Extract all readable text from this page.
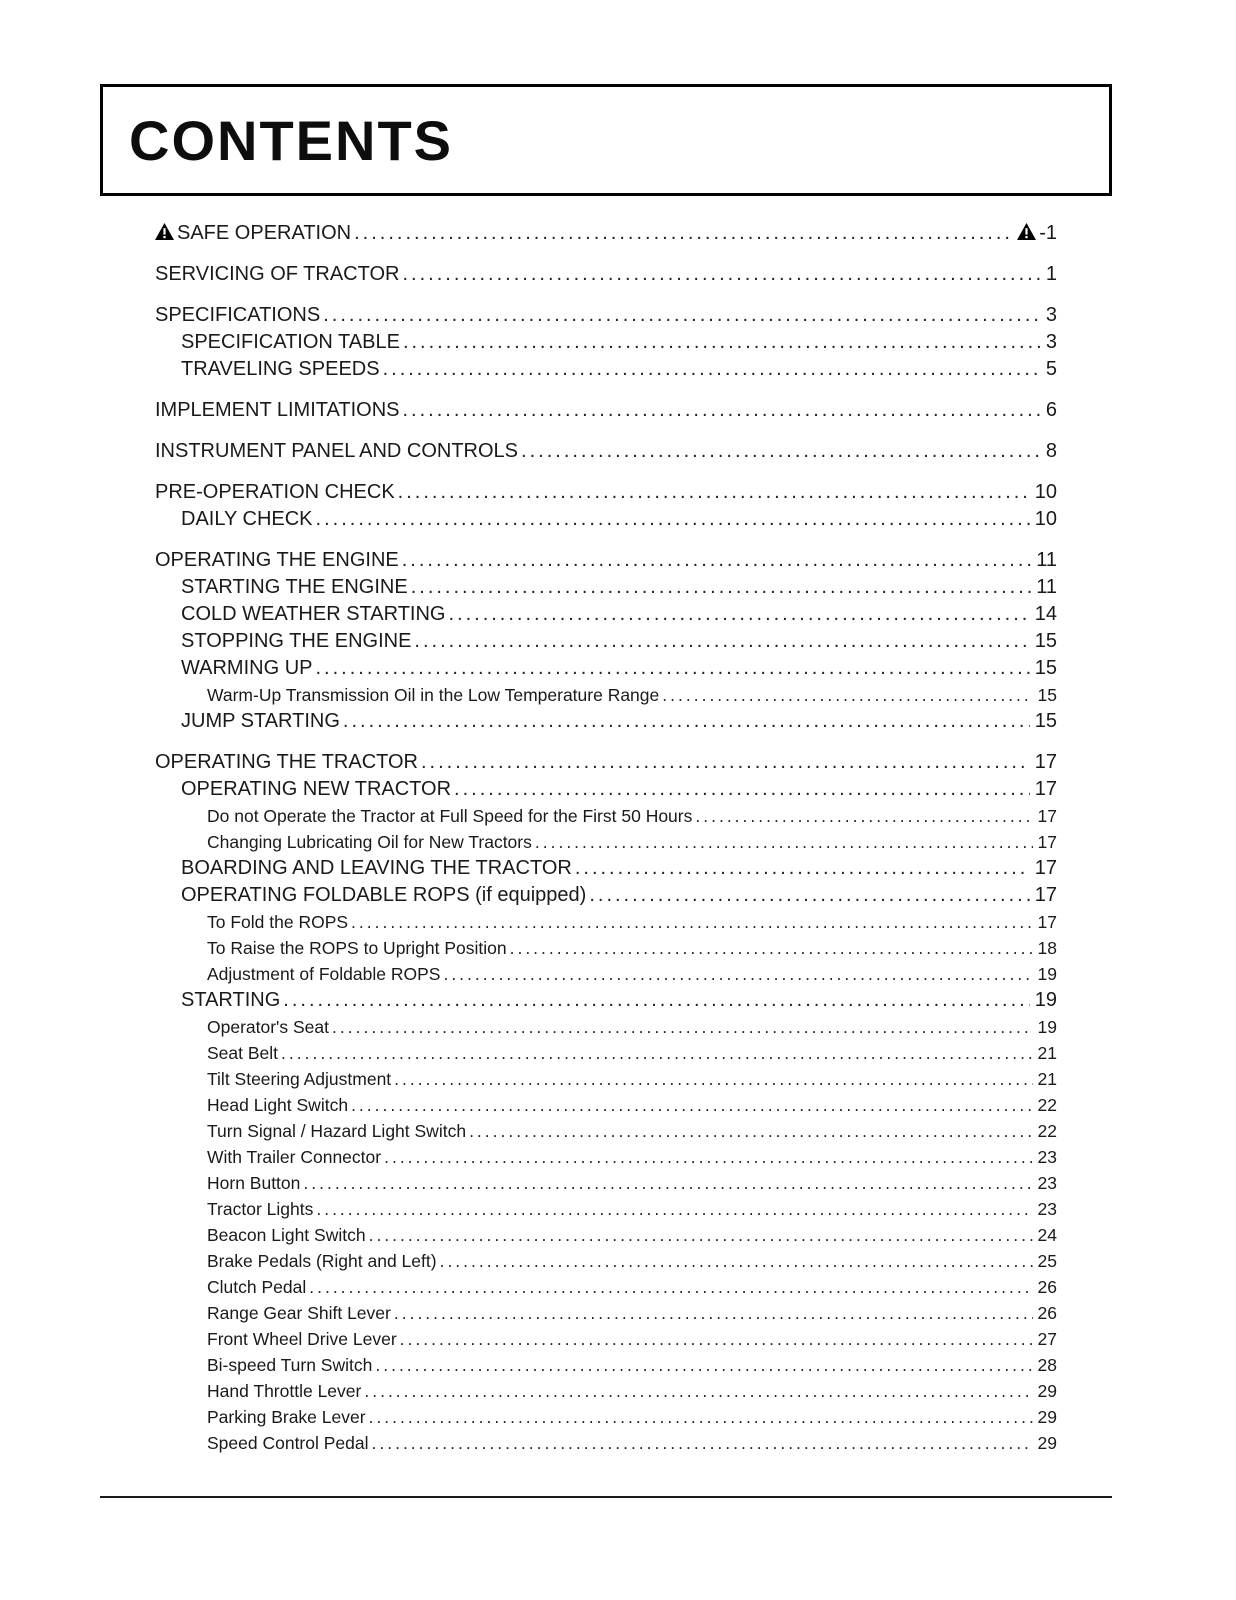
CONTENTS
SAFE OPERATION .....	-1
SERVICING OF TRACTOR .....	1
SPECIFICATIONS .....	3
SPECIFICATION TABLE .....	3
TRAVELING SPEEDS .....	5
IMPLEMENT LIMITATIONS .....	6
INSTRUMENT PANEL AND CONTROLS .....	8
PRE-OPERATION CHECK .....	10
DAILY CHECK .....	10
OPERATING THE ENGINE .....	11
STARTING THE ENGINE .....	11
COLD WEATHER STARTING .....	14
STOPPING THE ENGINE .....	15
WARMING UP .....	15
Warm-Up Transmission Oil in the Low Temperature Range .....	15
JUMP STARTING .....	15
OPERATING THE TRACTOR .....	17
OPERATING NEW TRACTOR .....	17
Do not Operate the Tractor at Full Speed for the First 50 Hours .....	17
Changing Lubricating Oil for New Tractors .....	17
BOARDING AND LEAVING THE TRACTOR .....	17
OPERATING FOLDABLE ROPS (if equipped) .....	17
To Fold the ROPS .....	17
To Raise the ROPS to Upright Position .....	18
Adjustment of Foldable ROPS .....	19
STARTING .....	19
Operator's Seat .....	19
Seat Belt .....	21
Tilt Steering Adjustment .....	21
Head Light Switch .....	22
Turn Signal / Hazard Light Switch .....	22
With Trailer Connector .....	23
Horn Button .....	23
Tractor Lights .....	23
Beacon Light Switch .....	24
Brake Pedals (Right and Left) .....	25
Clutch Pedal .....	26
Range Gear Shift Lever .....	26
Front Wheel Drive Lever .....	27
Bi-speed Turn Switch .....	28
Hand Throttle Lever .....	29
Parking Brake Lever .....	29
Speed Control Pedal .....	29
